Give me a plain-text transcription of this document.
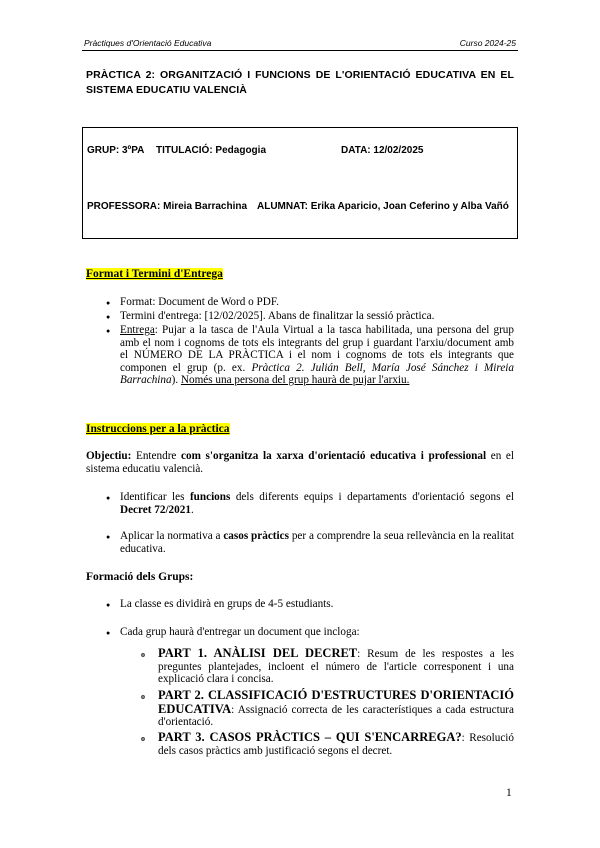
Pràctiques d'Orientació Educativa	Curso 2024-25
PRÀCTICA 2: ORGANITZACIÓ I FUNCIONS DE L'ORIENTACIÓ EDUCATIVA EN EL SISTEMA EDUCATIU VALENCIÀ
GRUP: 3ºPA TITULACIÓ: Pedagogia	DATA: 12/02/2025
PROFESSORA: Mireia Barrachina ALUMNAT: Erika Aparicio, Joan Ceferino y Alba Vañó
Format i Termini d'Entrega
Format: Document de Word o PDF.
Termini d'entrega: [12/02/2025]. Abans de finalitzar la sessió pràctica.
Entrega: Pujar a la tasca de l'Aula Virtual a la tasca habilitada, una persona del grup amb el nom i cognoms de tots els integrants del grup i guardant l'arxiu/document amb el NÚMERO DE LA PRÀCTICA i el nom i cognoms de tots els integrants que componen el grup (p. ex. Pràctica 2. Julián Bell, María José Sánchez i Mireia Barrachina). Només una persona del grup haurà de pujar l'arxiu.
Instruccions per a la pràctica
Objectiu: Entendre com s'organitza la xarxa d'orientació educativa i professional en el sistema educatiu valencià.
Identificar les funcions dels diferents equips i departaments d'orientació segons el Decret 72/2021.
Aplicar la normativa a casos pràctics per a comprendre la seua rellevància en la realitat educativa.
Formació dels Grups:
La classe es dividirà en grups de 4-5 estudiants.
Cada grup haurà d'entregar un document que incloga:
o PART 1. ANÀLISI DEL DECRET: Resum de les respostes a les preguntes plantejades, incloent el número de l'article corresponent i una explicació clara i concisa.
o PART 2. CLASSIFICACIÓ D'ESTRUCTURES D'ORIENTACIÓ EDUCATIVA: Assignació correcta de les característiques a cada estructura d'orientació.
o PART 3. CASOS PRÀCTICS – QUI S'ENCARREGA?: Resolució dels casos pràctics amb justificació segons el decret.
1
